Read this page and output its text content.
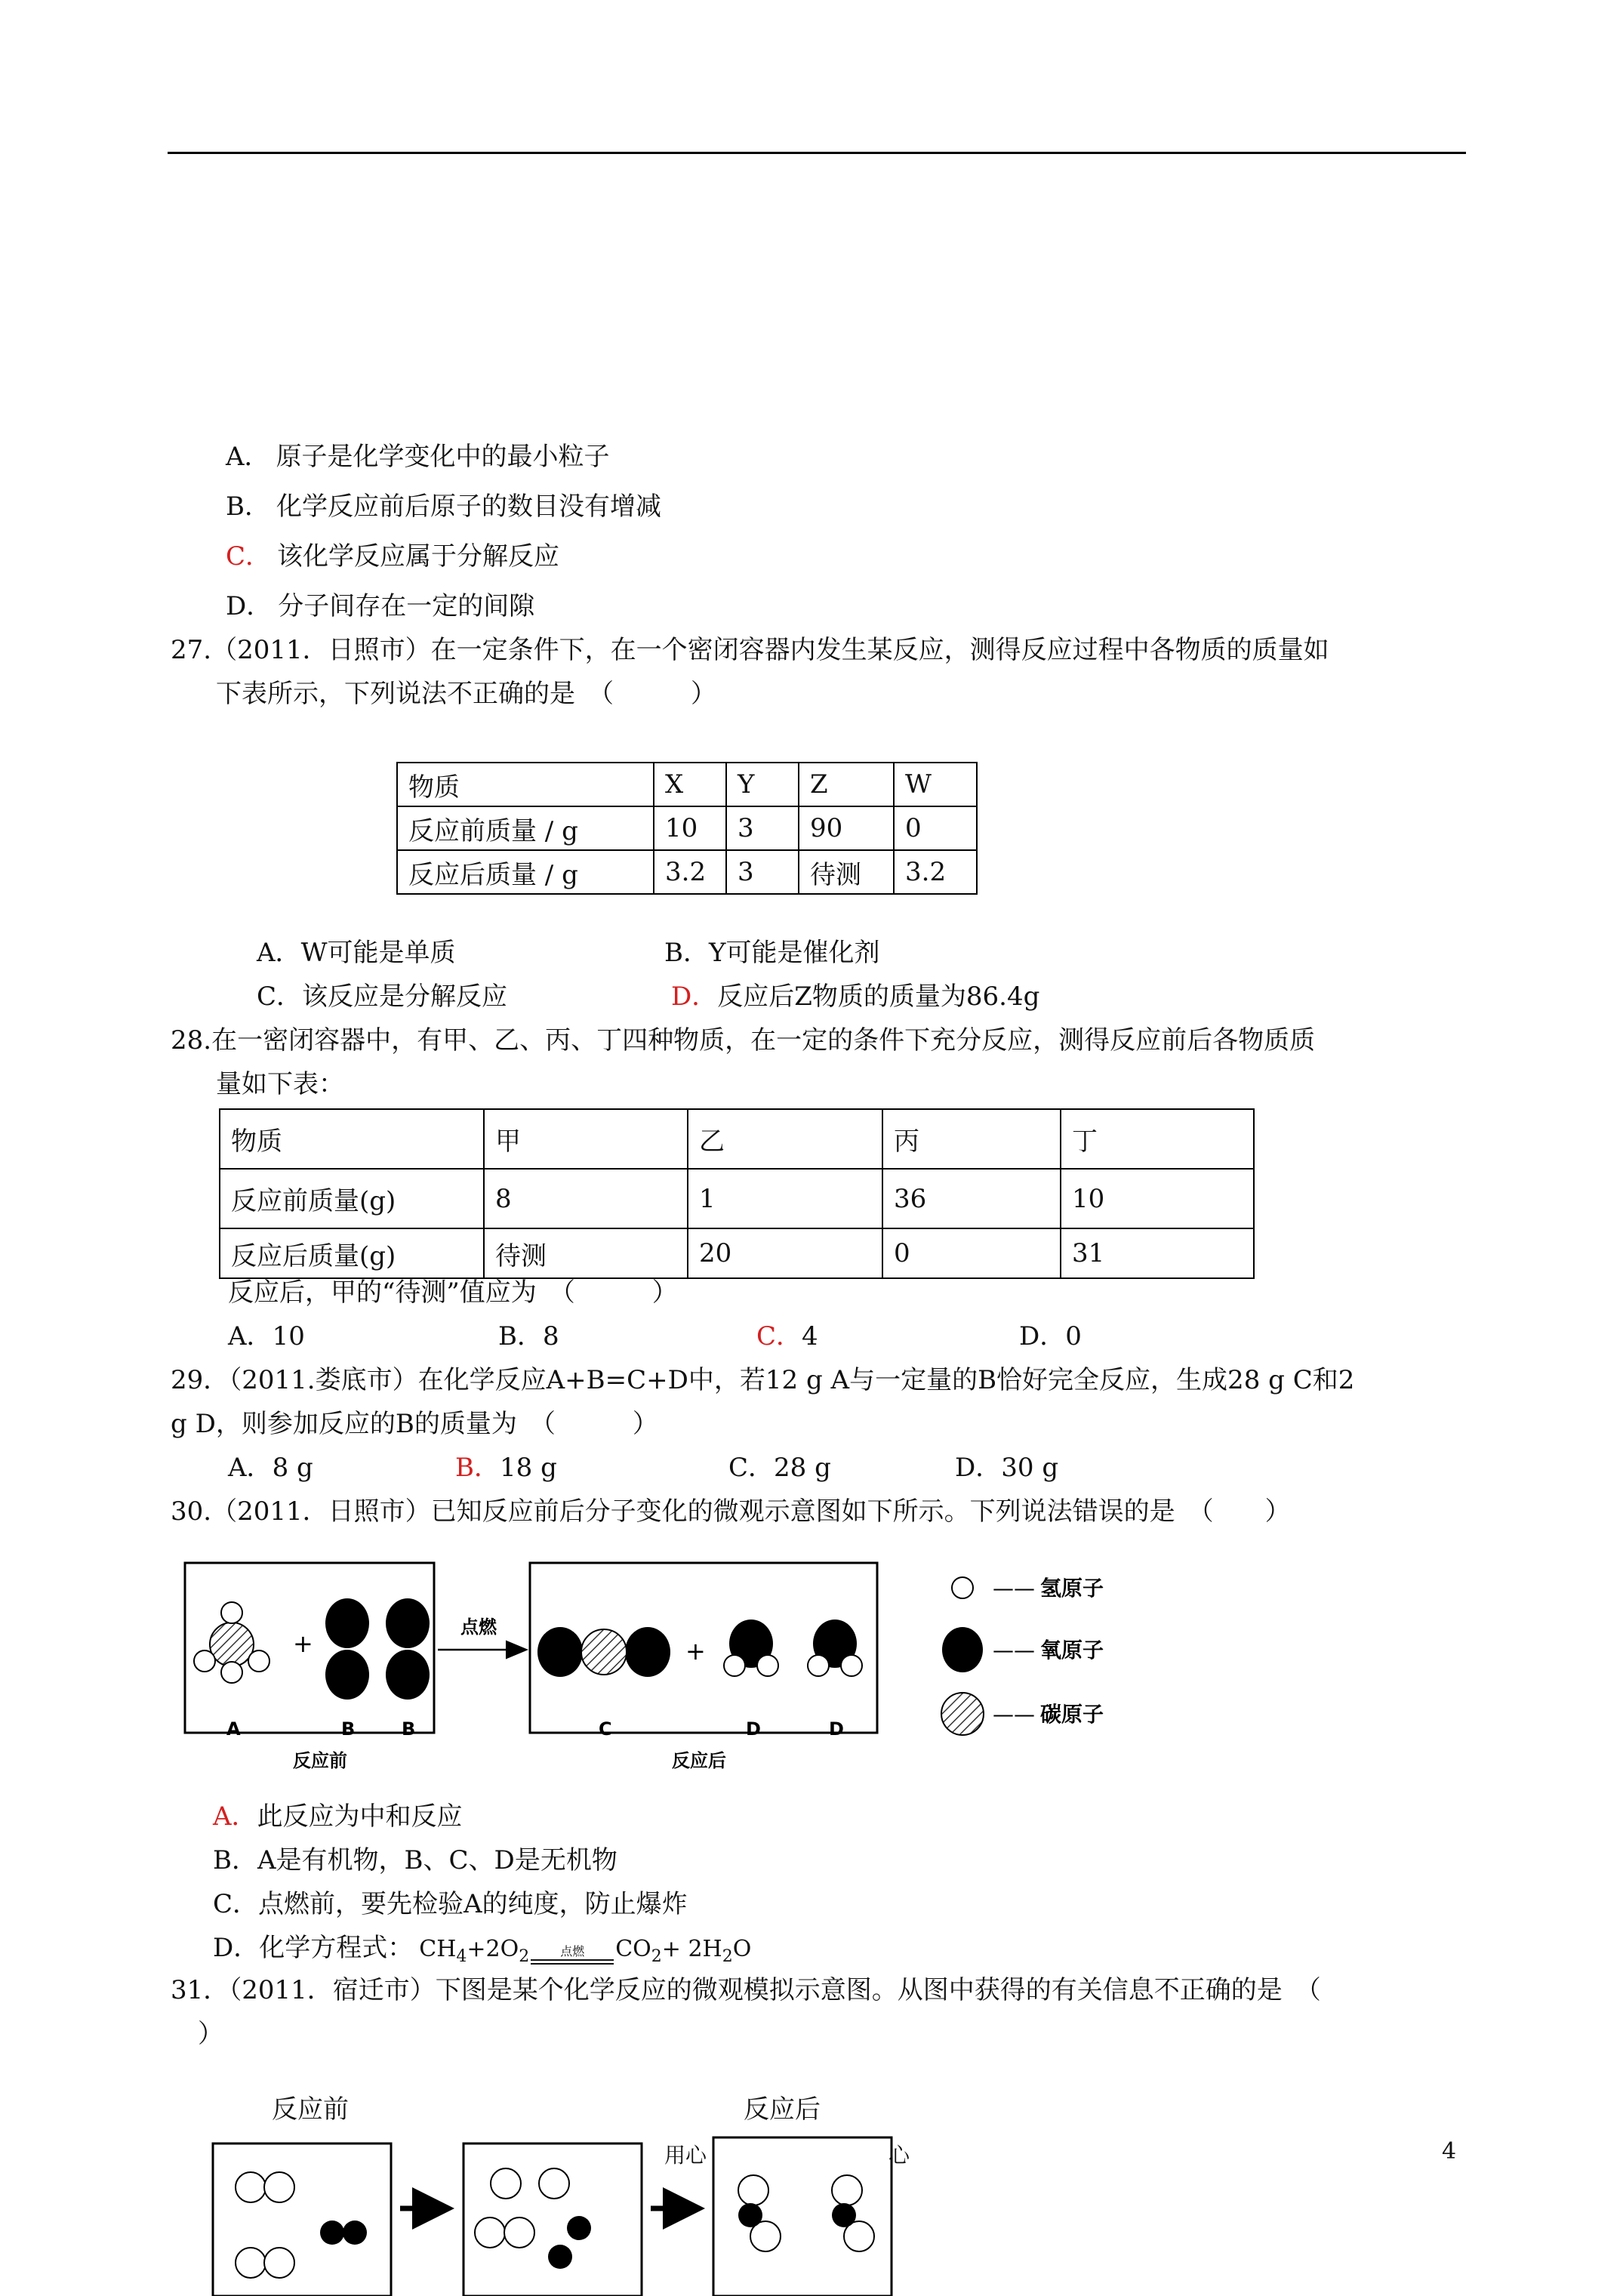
A． 原子是化学变化中的最小粒子
B． 化学反应前后原子的数目没有增减
C． 该化学反应属于分解反应
D． 分子间存在一定的间隙
27.（2011．日照市）在一定条件下，在一个密闭容器内发生某反应，测得反应过程中各物质的质量如
下表所示，下列说法不正确的是　（　　　）
物质	X	Y	Z	W
反应前质量 / g	10	3	90	0
反应后质量 / g	3.2	3	待测	3.2
A．W可能是单质	B．Y可能是催化剂
C．该反应是分解反应	D．反应后Z物质的质量为86.4g
28.在一密闭容器中，有甲、乙、丙、丁四种物质，在一定的条件下充分反应，测得反应前后各物质质
量如下表：
物质	甲	乙	丙	丁
反应前质量(g)	8	1	36	10
反应后质量(g)	待测	20	0	31
反应后，甲的“待测”值应为　（　　　）
A．10	B．8	C．4	D．0
29．（2011.娄底市）在化学反应A+B=C+D中，若12 g A与一定量的B恰好完全反应，生成28 g C和2
g D，则参加反应的B的质量为　（　　　）
A．8 g	B．18 g	C．28 g	D．30 g
30.（2011．日照市）已知反应前后分子变化的微观示意图如下所示。下列说法错误的是　（　　）
+
A	B	B
反应前
点燃
+
C	D	D
反应后
—— 氢原子
—— 氧原子
—— 碳原子
A．此反应为中和反应
B．A是有机物，B、C、D是无机物
C．点燃前，要先检验A的纯度，防止爆炸
D．化学方程式： $CH_4+2O_2$	点燃	$CO_2+ 2H_2O$
31．（2011．宿迁市）下图是某个化学反应的微观模拟示意图。从图中获得的有关信息不正确的是　（
）
反应前	反应后
用心	心	4
